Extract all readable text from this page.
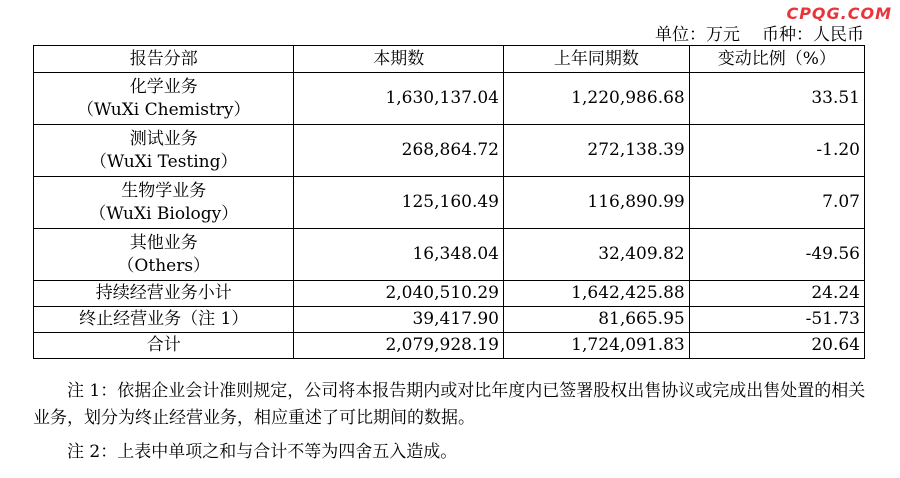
CPQG.COM
单位：万元 币种：人民币
报告分部	本期数	上年同期数	变动比例（%）

化学业务
（WuXi Chemistry）	1,630,137.04	1,220,986.68	33.51

测试业务
（WuXi Testing）	268,864.72	272,138.39	-1.20

生物学业务
（WuXi Biology）	125,160.49	116,890.99	7.07

其他业务
（Others）	16,348.04	32,409.82	-49.56
持续经营业务小计	2,040,510.29	1,642,425.88	24.24
终止经营业务（注 1）	39,417.90	81,665.95	-51.73
合计	2,079,928.19	1,724,091.83	20.64
注 1：依据企业会计准则规定，公司将本报告期内或对比年度内已签署股权出售协议或完成出售处置的相关业务，划分为终止经营业务，相应重述了可比期间的数据。
注 2：上表中单项之和与合计不等为四舍五入造成。
